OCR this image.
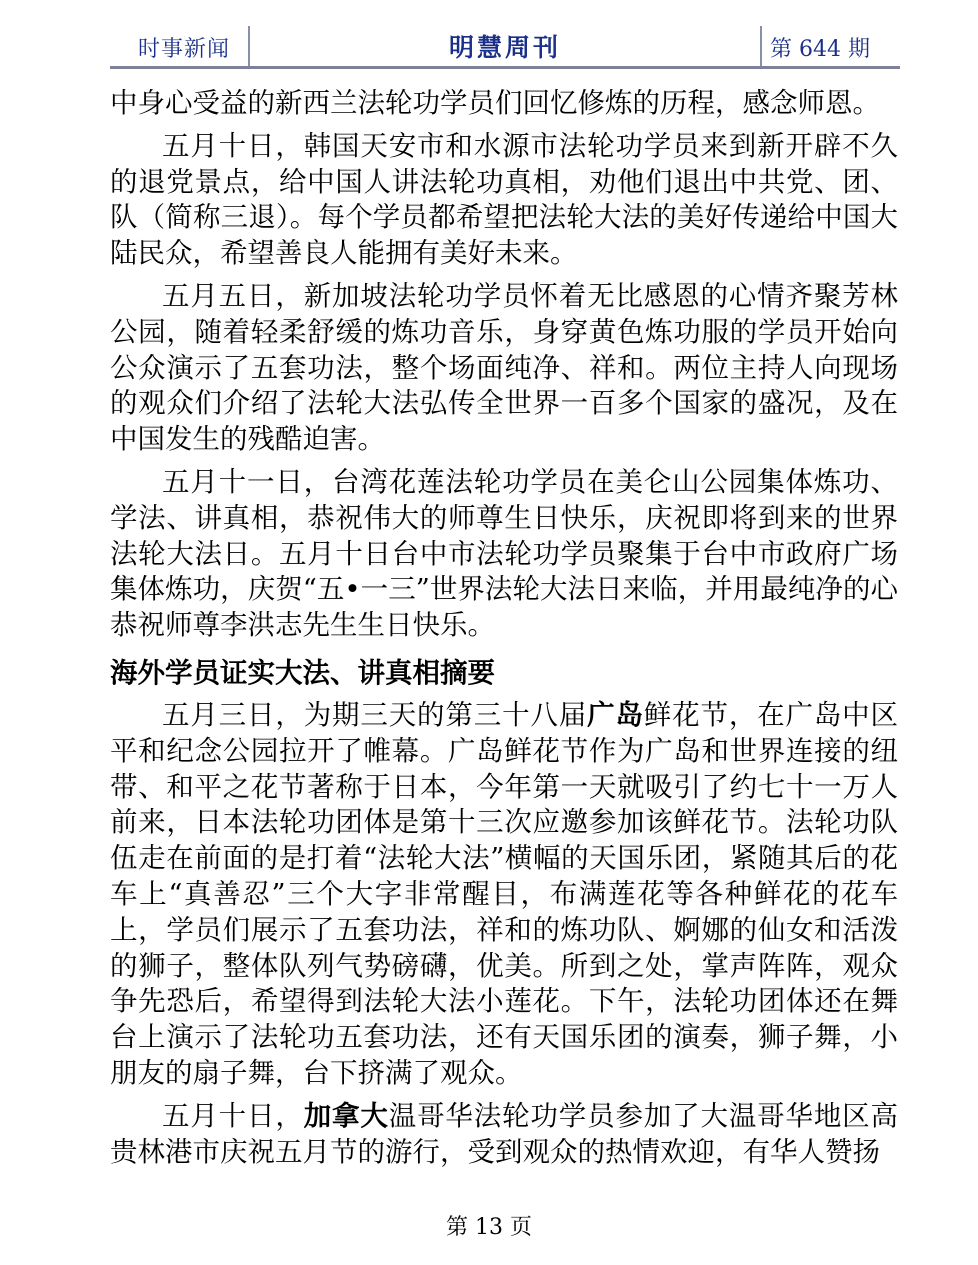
时事新闻	明慧周刊	第 644 期

中身心受益的新西兰法轮功学员们回忆修炼的历程，感念师恩。

五月十日，韩国天安市和水源市法轮功学员来到新开辟不久的退党景点，给中国人讲法轮功真相，劝他们退出中共党、团、队（简称三退）。每个学员都希望把法轮大法的美好传递给中国大陆民众，希望善良人能拥有美好未来。

五月五日，新加坡法轮功学员怀着无比感恩的心情齐聚芳林公园，随着轻柔舒缓的炼功音乐，身穿黄色炼功服的学员开始向公众演示了五套功法，整个场面纯净、祥和。两位主持人向现场的观众们介绍了法轮大法弘传全世界一百多个国家的盛况，及在中国发生的残酷迫害。

五月十一日，台湾花莲法轮功学员在美仑山公园集体炼功、学法、讲真相，恭祝伟大的师尊生日快乐，庆祝即将到来的世界法轮大法日。五月十日台中市法轮功学员聚集于台中市政府广场集体炼功，庆贺“五•一三”世界法轮大法日来临，并用最纯净的心恭祝师尊李洪志先生生日快乐。

海外学员证实大法、讲真相摘要

五月三日，为期三天的第三十八届广岛鲜花节，在广岛中区平和纪念公园拉开了帷幕。广岛鲜花节作为广岛和世界连接的纽带、和平之花节著称于日本，今年第一天就吸引了约七十一万人前来，日本法轮功团体是第十三次应邀参加该鲜花节。法轮功队伍走在前面的是打着“法轮大法”横幅的天国乐团，紧随其后的花车上“真善忍”三个大字非常醒目，布满莲花等各种鲜花的花车上，学员们展示了五套功法，祥和的炼功队、婀娜的仙女和活泼的狮子，整体队列气势磅礴，优美。所到之处，掌声阵阵，观众争先恐后，希望得到法轮大法小莲花。下午，法轮功团体还在舞台上演示了法轮功五套功法，还有天国乐团的演奏，狮子舞，小朋友的扇子舞，台下挤满了观众。

五月十日，加拿大温哥华法轮功学员参加了大温哥华地区高贵林港市庆祝五月节的游行，受到观众的热情欢迎，有华人赞扬

第 13 页
